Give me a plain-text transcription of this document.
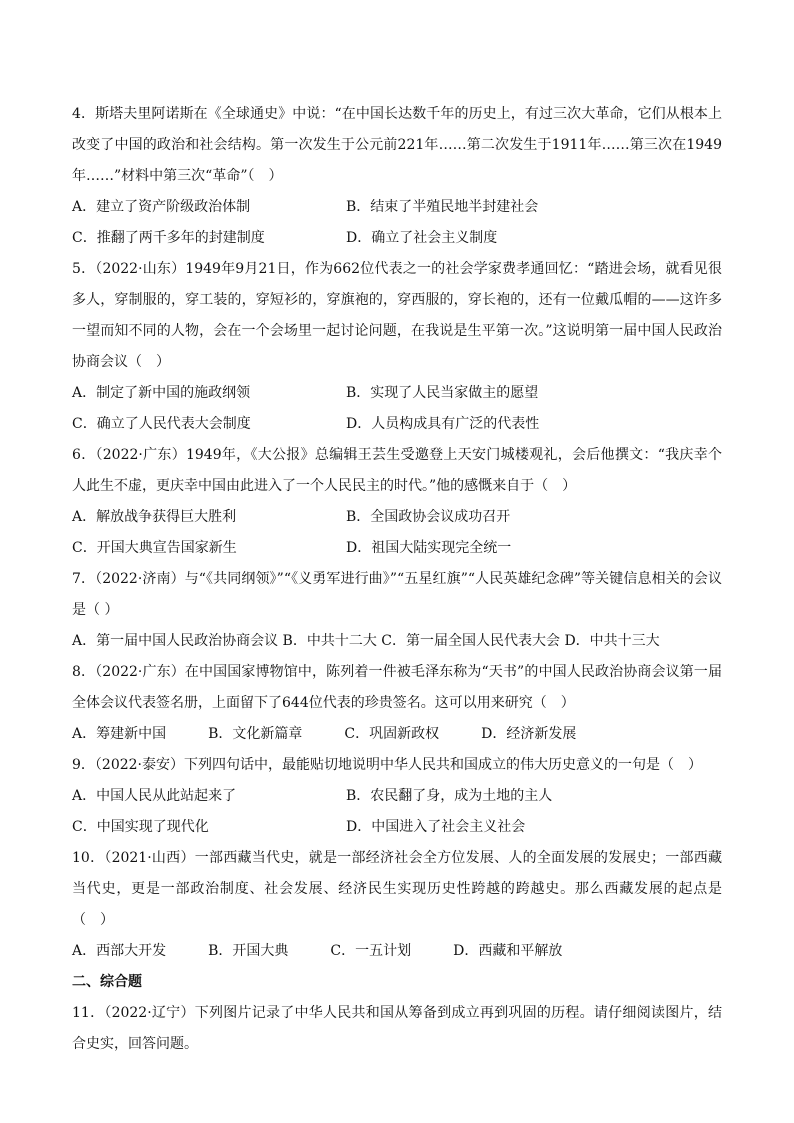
4．斯塔夫里阿诺斯在《全球通史》中说：“在中国长达数千年的历史上，有过三次大革命，它们从根本上改变了中国的政治和社会结构。第一次发生于公元前221年……第二次发生于1911年……第三次在1949年……”材料中第三次“革命”（　）

A．建立了资产阶级政治体制	B．结束了半殖民地半封建社会
C．推翻了两千多年的封建制度	D．确立了社会主义制度

5．（2022·山东）1949年9月21日，作为662位代表之一的社会学家费孝通回忆：“踏进会场，就看见很多人，穿制服的，穿工装的，穿短衫的，穿旗袍的，穿西服的，穿长袍的，还有一位戴瓜帽的——这许多一望而知不同的人物，会在一个会场里一起讨论问题，在我说是生平第一次。”这说明第一届中国人民政治协商会议（　）

A．制定了新中国的施政纲领	B．实现了人民当家做主的愿望
C．确立了人民代表大会制度	D．人员构成具有广泛的代表性

6．（2022·广东）1949年，《大公报》总编辑王芸生受邀登上天安门城楼观礼，会后他撰文：“我庆幸个人此生不虚，更庆幸中国由此进入了一个人民民主的时代。”他的感慨来自于（　）

A．解放战争获得巨大胜利	B．全国政协会议成功召开
C．开国大典宣告国家新生	D．祖国大陆实现完全统一

7．（2022·济南）与“《共同纲领》”“《义勇军进行曲》”“五星红旗”“人民英雄纪念碑”等关键信息相关的会议是（ ）

A．第一届中国人民政治协商会议 B．中共十二大 C．第一届全国人民代表大会 D．中共十三大

8．（2022·广东）在中国国家博物馆中，陈列着一件被毛泽东称为“天书”的中国人民政治协商会议第一届全体会议代表签名册，上面留下了644位代表的珍贵签名。这可以用来研究（　）

A．筹建新中国	B．文化新篇章	C．巩固新政权	D．经济新发展

9．（2022·泰安）下列四句话中，最能贴切地说明中华人民共和国成立的伟大历史意义的一句是（　）

A．中国人民从此站起来了	B．农民翻了身，成为土地的主人
C．中国实现了现代化	D．中国进入了社会主义社会

10．（2021·山西）一部西藏当代史，就是一部经济社会全方位发展、人的全面发展的发展史；一部西藏当代史，更是一部政治制度、社会发展、经济民生实现历史性跨越的跨越史。那么西藏发展的起点是（　）

A．西部大开发	B．开国大典	C．一五计划	D．西藏和平解放
二、综合题

11．（2022·辽宁）下列图片记录了中华人民共和国从筹备到成立再到巩固的历程。请仔细阅读图片，结合史实，回答问题。
